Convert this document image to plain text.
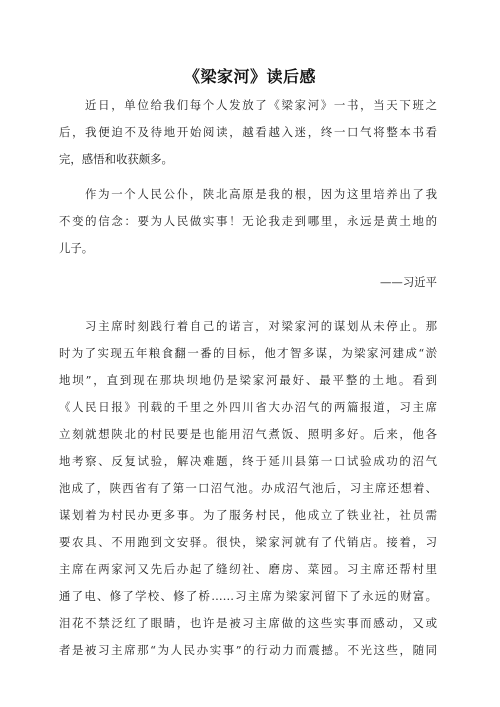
《梁家河》读后感
近日，单位给我们每个人发放了《梁家河》一书，当天下班之
后，我便迫不及待地开始阅读，越看越入迷，终一口气将整本书看
完，感悟和收获颇多。
作为一个人民公仆，陕北高原是我的根，因为这里培养出了我
不变的信念：要为人民做实事！无论我走到哪里，永远是黄土地的
儿子。
——习近平
习主席时刻践行着自己的诺言，对梁家河的谋划从未停止。那
时为了实现五年粮食翻一番的目标，他才智多谋，为梁家河建成“淤
地坝”，直到现在那块坝地仍是梁家河最好、最平整的土地。看到
《人民日报》刊载的千里之外四川省大办沼气的两篇报道，习主席
立刻就想陕北的村民要是也能用沼气煮饭、照明多好。后来，他各
地考察、反复试验，解决难题，终于延川县第一口试验成功的沼气
池成了，陕西省有了第一口沼气池。办成沼气池后，习主席还想着、
谋划着为村民办更多事。为了服务村民，他成立了铁业社，社员需
要农具、不用跑到文安驿。很快，梁家河就有了代销店。接着，习
主席在两家河又先后办起了缝纫社、磨房、菜园。习主席还帮村里
通了电、修了学校、修了桥……习主席为梁家河留下了永远的财富。
泪花不禁泛红了眼睛，也许是被习主席做的这些实事而感动，又或
者是被习主席那“为人民办实事”的行动力而震撼。不光这些，随同
